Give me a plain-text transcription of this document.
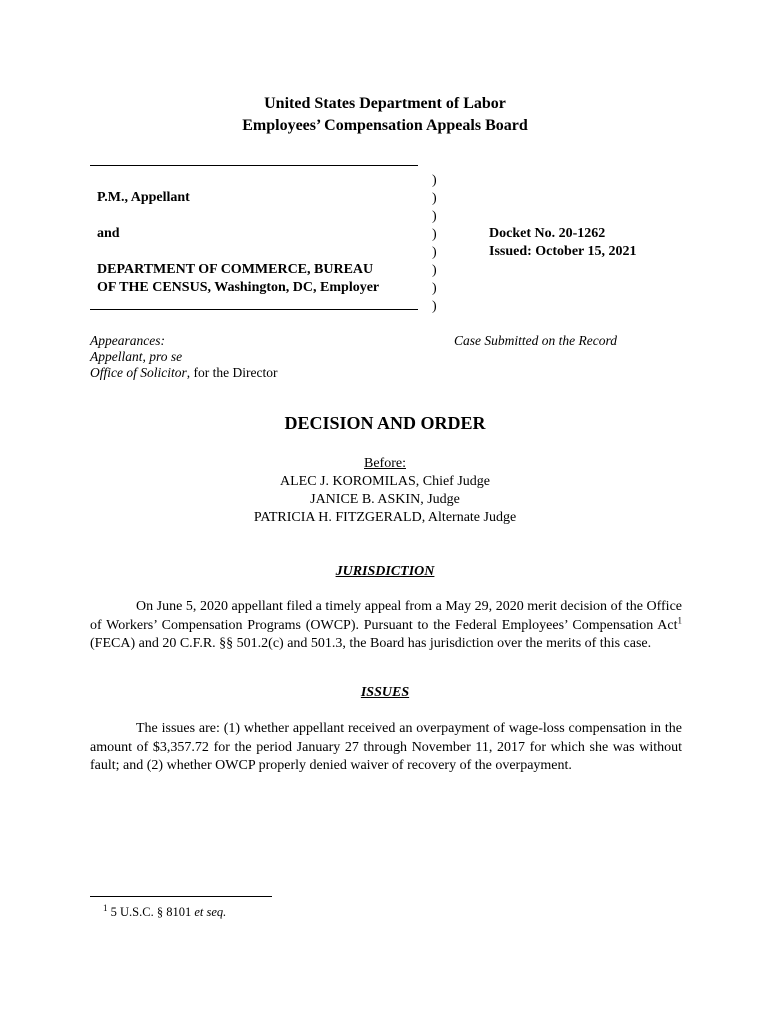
United States Department of Labor
Employees’ Compensation Appeals Board
P.M., Appellant
and
DEPARTMENT OF COMMERCE, BUREAU
OF THE CENSUS, Washington, DC, Employer
)
)
)
)
)
)
)
)
Docket No. 20-1262
Issued: October 15, 2021
Appearances:
Appellant, pro se
Office of Solicitor, for the Director
Case Submitted on the Record
DECISION AND ORDER
Before:
ALEC J. KOROMILAS, Chief Judge
JANICE B. ASKIN, Judge
PATRICIA H. FITZGERALD, Alternate Judge
JURISDICTION
On June 5, 2020 appellant filed a timely appeal from a May 29, 2020 merit decision of the Office of Workers’ Compensation Programs (OWCP). Pursuant to the Federal Employees’ Compensation Act$^1$ (FECA) and 20 C.F.R. §§ 501.2(c) and 501.3, the Board has jurisdiction over the merits of this case.
ISSUES
The issues are: (1) whether appellant received an overpayment of wage-loss compensation in the amount of $3,357.72 for the period January 27 through November 11, 2017 for which she was without fault; and (2) whether OWCP properly denied waiver of recovery of the overpayment.
$^1$ 5 U.S.C. § 8101 et seq.
